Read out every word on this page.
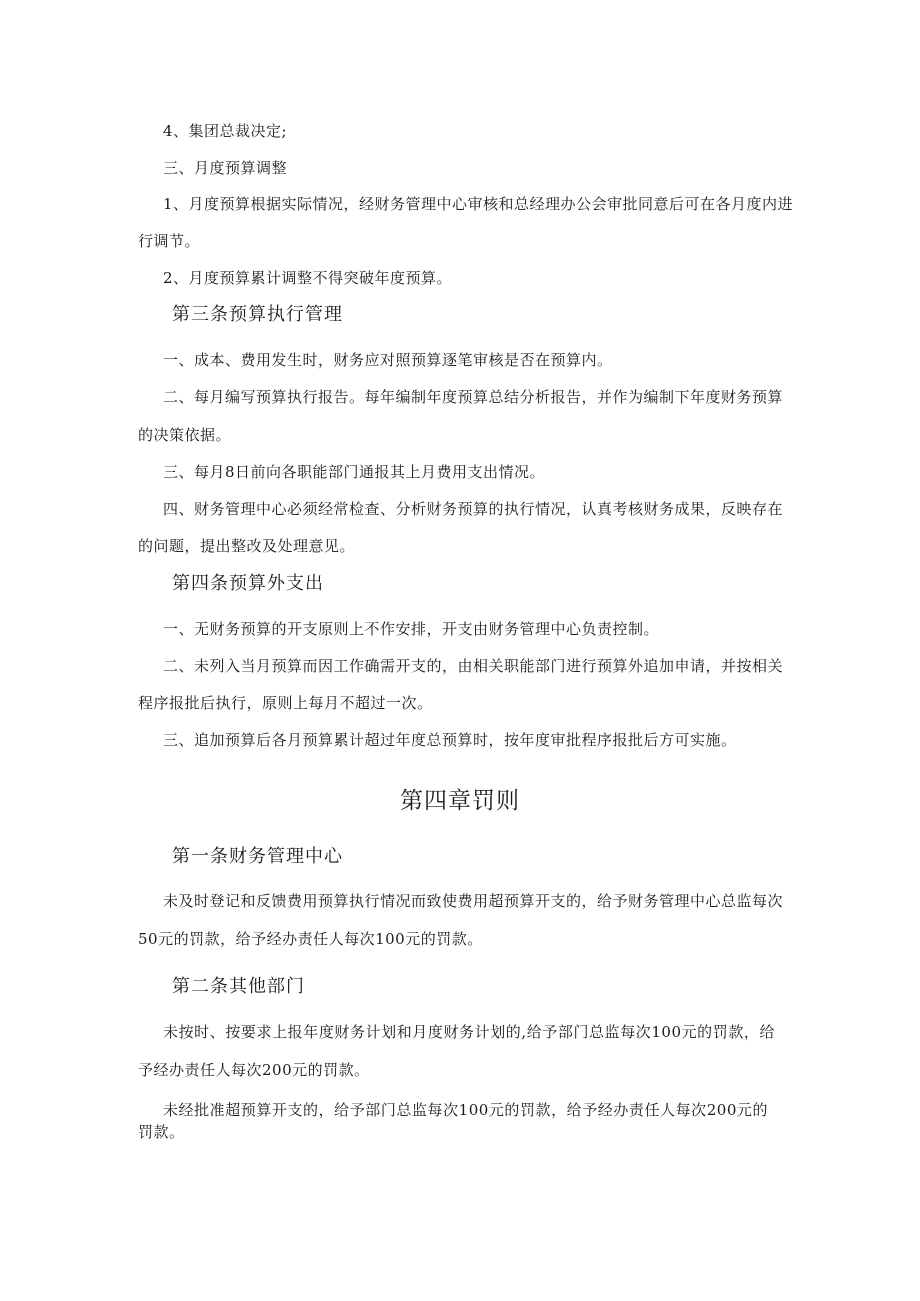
4、集团总裁决定;
三、月度预算调整
1、月度预算根据实际情况，经财务管理中心审核和总经理办公会审批同意后可在各月度内进
行调节。
2、月度预算累计调整不得突破年度预算。
第三条预算执行管理
一、成本、费用发生时，财务应对照预算逐笔审核是否在预算内。
二、每月编写预算执行报告。每年编制年度预算总结分析报告，并作为编制下年度财务预算
的决策依据。
三、每月8日前向各职能部门通报其上月费用支出情况。
四、财务管理中心必须经常检查、分析财务预算的执行情况，认真考核财务成果，反映存在
的问题，提出整改及处理意见。
第四条预算外支出
一、无财务预算的开支原则上不作安排，开支由财务管理中心负责控制。
二、未列入当月预算而因工作确需开支的，由相关职能部门进行预算外追加申请，并按相关
程序报批后执行，原则上每月不超过一次。
三、追加预算后各月预算累计超过年度总预算时，按年度审批程序报批后方可实施。
第四章罚则
第一条财务管理中心
未及时登记和反馈费用预算执行情况而致使费用超预算开支的，给予财务管理中心总监每次
50元的罚款，给予经办责任人每次100元的罚款。
第二条其他部门
未按时、按要求上报年度财务计划和月度财务计划的,给予部门总监每次100元的罚款，给
予经办责任人每次200元的罚款。
未经批准超预算开支的，给予部门总监每次100元的罚款，给予经办责任人每次200元的
罚款。
